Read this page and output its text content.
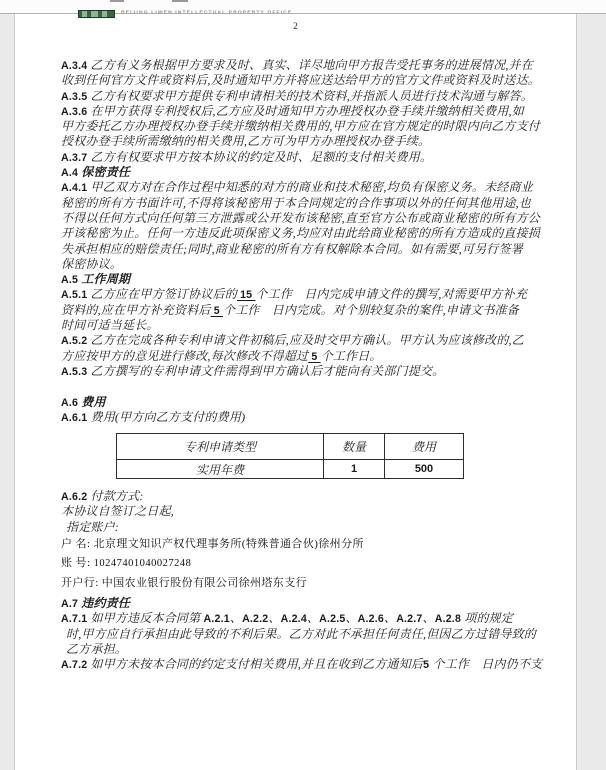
BEIJING LIWEN INTELLECTUAL PROPERTY OFFICE
2
A.3.4 乙方有义务根据甲方要求及时、真实、详尽地向甲方报告受托事务的进展情况,并在
收到任何官方文件或资料后,及时通知甲方并将应送达给甲方的官方文件或资料及时送达。
A.3.5 乙方有权要求甲方提供专利申请相关的技术资料,并指派人员进行技术沟通与解答。
A.3.6 在甲方获得专利授权后,乙方应及时通知甲方办理授权办登手续并缴纳相关费用,如
甲方委托乙方办理授权办登手续并缴纳相关费用的,甲方应在官方规定的时限内向乙方支付
授权办登手续所需缴纳的相关费用,乙方可为甲方办理授权办登手续。
A.3.7 乙方有权要求甲方按本协议的约定及时、足额的支付相关费用。
A.4 保密责任
A.4.1 甲乙双方对在合作过程中知悉的对方的商业和技术秘密,均负有保密义务。未经商业
秘密的所有方书面许可,不得将该秘密用于本合同规定的合作事项以外的任何其他用途,也
不得以任何方式向任何第三方泄露或公开发布该秘密,直至官方公布或商业秘密的所有方公
开该秘密为止。任何一方违反此项保密义务,均应对由此给商业秘密的所有方造成的直接损
失承担相应的赔偿责任;同时,商业秘密的所有方有权解除本合同。如有需要,可另行签署
保密协议。
A.5 工作周期
A.5.1 乙方应在甲方签订协议后的 15 个工作　日内完成申请文件的撰写,对需要甲方补充
资料的,应在甲方补充资料后 5 个工作　日内完成。对个别较复杂的案件,申请文书准备
时间可适当延长。
A.5.2 乙方在完成各种专利申请文件初稿后,应及时交甲方确认。甲方认为应该修改的,乙
方应按甲方的意见进行修改,每次修改不得超过 5 个工作日。
A.5.3 乙方撰写的专利申请文件需得到甲方确认后才能向有关部门提交。
A.6 费用
A.6.1 费用(甲方向乙方支付的费用)
专利申请类型	数量	费用
实用年费	1	500
A.6.2 付款方式:
本协议自签订之日起,
指定账户:
户 名: 北京理文知识产权代理事务所(特殊普通合伙)徐州分所
账 号: 10247401040027248
开户行: 中国农业银行股份有限公司徐州塔东支行
A.7 违约责任
A.7.1 如甲方违反本合同第 A.2.1、A.2.2、A.2.4、A.2.5、A.2.6、A.2.7、A.2.8 项的规定
时,甲方应自行承担由此导致的不利后果。乙方对此不承担任何责任,但因乙方过错导致的
乙方承担。
A.7.2 如甲方未按本合同的约定支付相关费用,并且在收到乙方通知后5 个工作　日内仍不支
